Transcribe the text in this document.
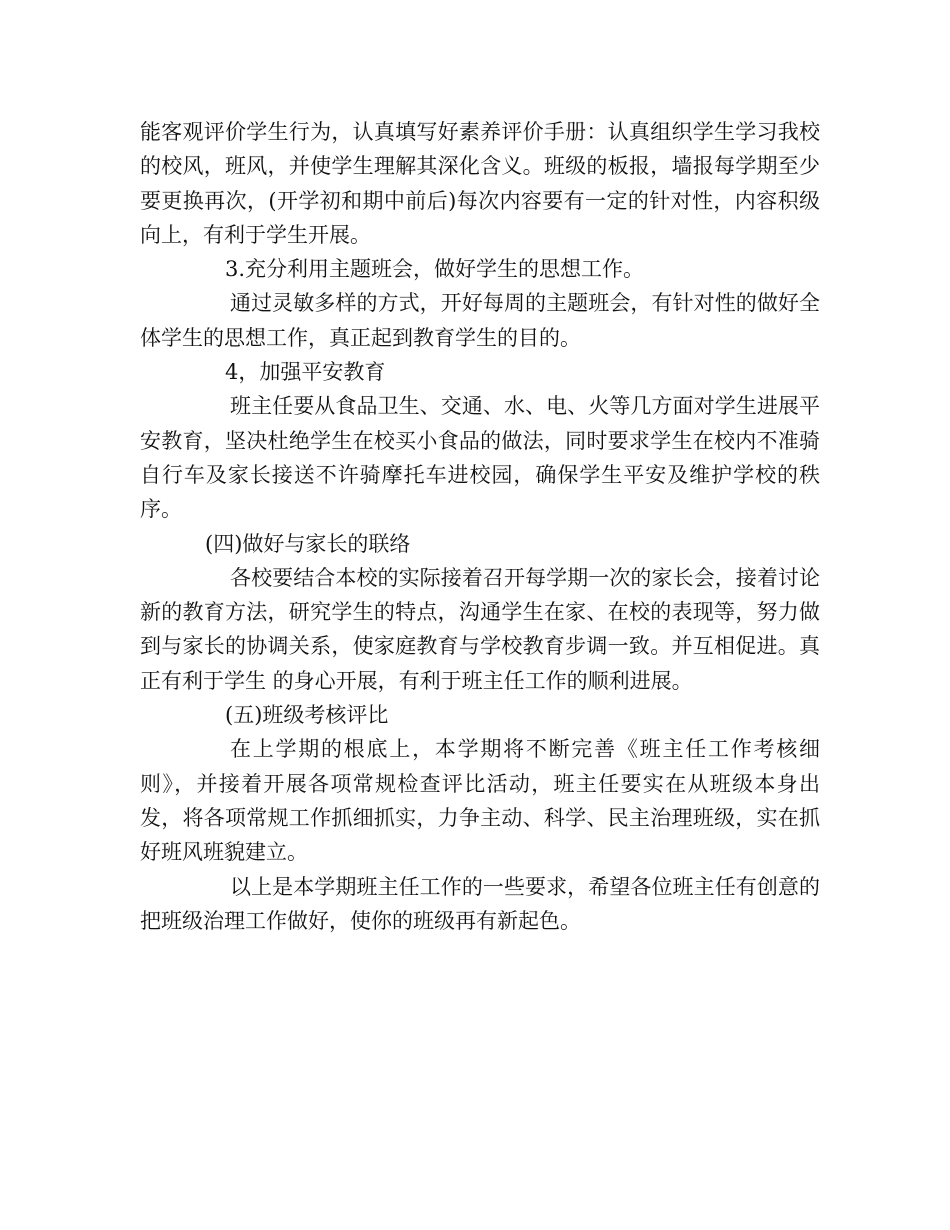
能客观评价学生行为，认真填写好素养评价手册：认真组织学生学习我校的校风，班风，并使学生理解其深化含义。班级的板报，墙报每学期至少要更换再次，(开学初和期中前后)每次内容要有一定的针对性，内容积级向上，有利于学生开展。

3.充分利用主题班会，做好学生的思想工作。

通过灵敏多样的方式，开好每周的主题班会，有针对性的做好全体学生的思想工作，真正起到教育学生的目的。

4，加强平安教育

班主任要从食品卫生、交通、水、电、火等几方面对学生进展平安教育，坚决杜绝学生在校买小食品的做法，同时要求学生在校内不准骑自行车及家长接送不许骑摩托车进校园，确保学生平安及维护学校的秩序。

(四)做好与家长的联络

各校要结合本校的实际接着召开每学期一次的家长会，接着讨论新的教育方法，研究学生的特点，沟通学生在家、在校的表现等，努力做到与家长的协调关系，使家庭教育与学校教育步调一致。并互相促进。真正有利于学生 的身心开展，有利于班主任工作的顺利进展。

(五)班级考核评比

在上学期的根底上，本学期将不断完善《班主任工作考核细则》，并接着开展各项常规检查评比活动，班主任要实在从班级本身出发，将各项常规工作抓细抓实，力争主动、科学、民主治理班级，实在抓好班风班貌建立。

以上是本学期班主任工作的一些要求，希望各位班主任有创意的把班级治理工作做好，使你的班级再有新起色。
